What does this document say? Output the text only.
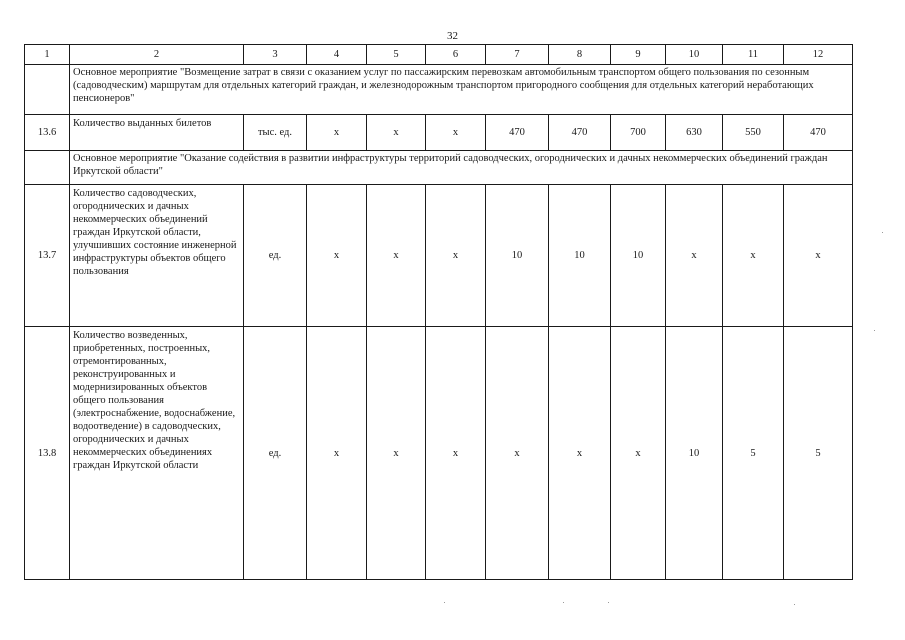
32
1	2	3	4	5	6	7	8	9	10	11	12
	Основное мероприятие "Возмещение затрат в связи с оказанием услуг по пассажирским перевозкам автомобильным транспортом общего пользования по сезонным (садоводческим) маршрутам для отдельных категорий граждан, и железнодорожным транспортом пригородного сообщения для отдельных категорий неработающих пенсионеров"										
13.6	Количество выданных билетов	тыс. ед.	х	х	х	470	470	700	630	550	470
	Основное мероприятие "Оказание содействия в развитии инфраструктуры территорий садоводческих, огороднических и дачных некоммерческих объединений граждан Иркутской области"										
13.7	Количество садоводческих, огороднических и дачных некоммерческих объединений граждан Иркутской области, улучшивших состояние инженерной инфраструктуры объектов общего пользования	ед.	х	х	х	10	10	10	х	х	х
13.8	Количество возведенных, приобретенных, построенных, отремонтированных, реконструированных и модернизированных объектов общего пользования (электроснабжение, водоснабжение, водоотведение) в садоводческих, огороднических и дачных некоммерческих объединениях граждан Иркутской области	ед.	х	х	х	х	х	х	10	5	5
